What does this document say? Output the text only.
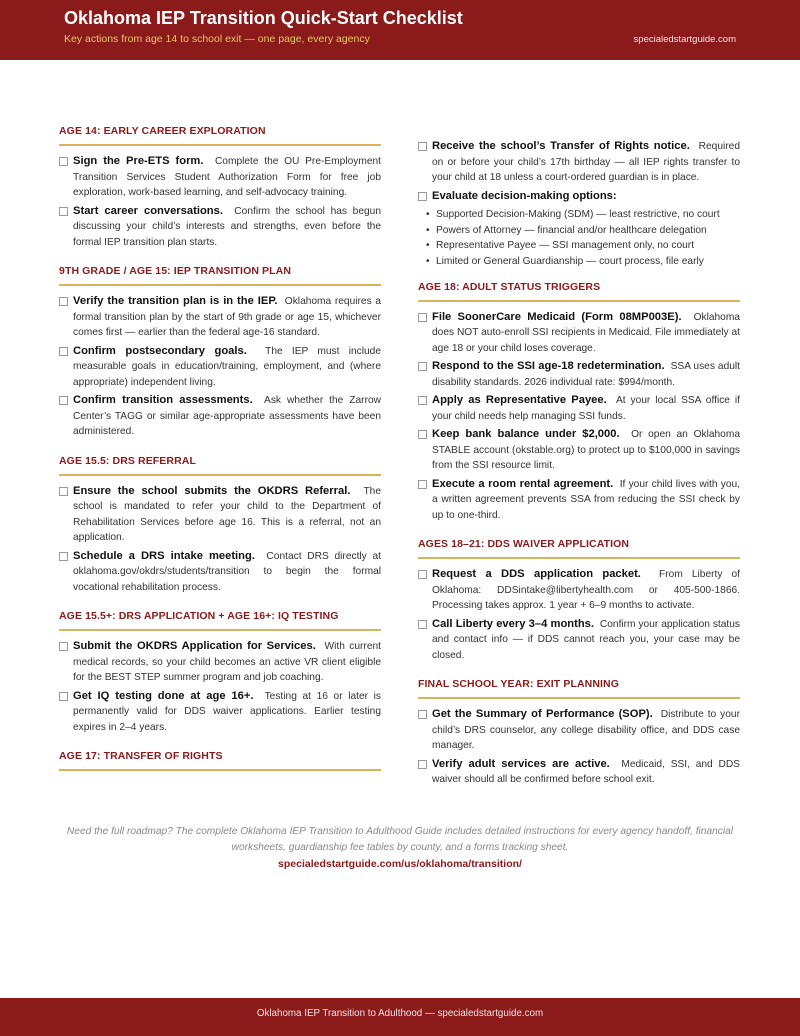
Oklahoma IEP Transition Quick-Start Checklist
Key actions from age 14 to school exit — one page, every agency	specialedstartguide.com
AGE 14: EARLY CAREER EXPLORATION
Sign the Pre-ETS form. Complete the OU Pre-Employment Transition Services Student Authorization Form for free job exploration, work-based learning, and self-advocacy training.
Start career conversations. Confirm the school has begun discussing your child’s interests and strengths, even before the formal IEP transition plan starts.
9TH GRADE / AGE 15: IEP TRANSITION PLAN
Verify the transition plan is in the IEP. Oklahoma requires a formal transition plan by the start of 9th grade or age 15, whichever comes first — earlier than the federal age-16 standard.
Confirm postsecondary goals. The IEP must include measurable goals in education/training, employment, and (where appropriate) independent living.
Confirm transition assessments. Ask whether the Zarrow Center’s TAGG or similar age-appropriate assessments have been administered.
AGE 15.5: DRS REFERRAL
Ensure the school submits the OKDRS Referral. The school is mandated to refer your child to the Department of Rehabilitation Services before age 16. This is a referral, not an application.
Schedule a DRS intake meeting. Contact DRS directly at oklahoma.gov/okdrs/students/transition to begin the formal vocational rehabilitation process.
AGE 15.5+: DRS APPLICATION + AGE 16+: IQ TESTING
Submit the OKDRS Application for Services. With current medical records, so your child becomes an active VR client eligible for the BEST STEP summer program and job coaching.
Get IQ testing done at age 16+. Testing at 16 or later is permanently valid for DDS waiver applications. Earlier testing expires in 2–4 years.
AGE 17: TRANSFER OF RIGHTS
Receive the school’s Transfer of Rights notice. Required on or before your child’s 17th birthday — all IEP rights transfer to your child at 18 unless a court-ordered guardian is in place.
Evaluate decision-making options:
• Supported Decision-Making (SDM) — least restrictive, no court
• Powers of Attorney — financial and/or healthcare delegation
• Representative Payee — SSI management only, no court
• Limited or General Guardianship — court process, file early
AGE 18: ADULT STATUS TRIGGERS
File SoonerCare Medicaid (Form 08MP003E). Oklahoma does NOT auto-enroll SSI recipients in Medicaid. File immediately at age 18 or your child loses coverage.
Respond to the SSI age-18 redetermination. SSA uses adult disability standards. 2026 individual rate: $994/month.
Apply as Representative Payee. At your local SSA office if your child needs help managing SSI funds.
Keep bank balance under $2,000. Or open an Oklahoma STABLE account (okstable.org) to protect up to $100,000 in savings from the SSI resource limit.
Execute a room rental agreement. If your child lives with you, a written agreement prevents SSA from reducing the SSI check by up to one-third.
AGES 18–21: DDS WAIVER APPLICATION
Request a DDS application packet. From Liberty of Oklahoma: DDSintake@libertyhealth.com or 405-500-1866. Processing takes approx. 1 year + 6–9 months to activate.
Call Liberty every 3–4 months. Confirm your application status and contact info — if DDS cannot reach you, your case may be closed.
FINAL SCHOOL YEAR: EXIT PLANNING
Get the Summary of Performance (SOP). Distribute to your child’s DRS counselor, any college disability office, and DDS case manager.
Verify adult services are active. Medicaid, SSI, and DDS waiver should all be confirmed before school exit.
Need the full roadmap? The complete Oklahoma IEP Transition to Adulthood Guide includes detailed instructions for every agency handoff, financial worksheets, guardianship fee tables by county, and a forms tracking sheet.
specialedstartguide.com/us/oklahoma/transition/
Oklahoma IEP Transition to Adulthood — specialedstartguide.com
